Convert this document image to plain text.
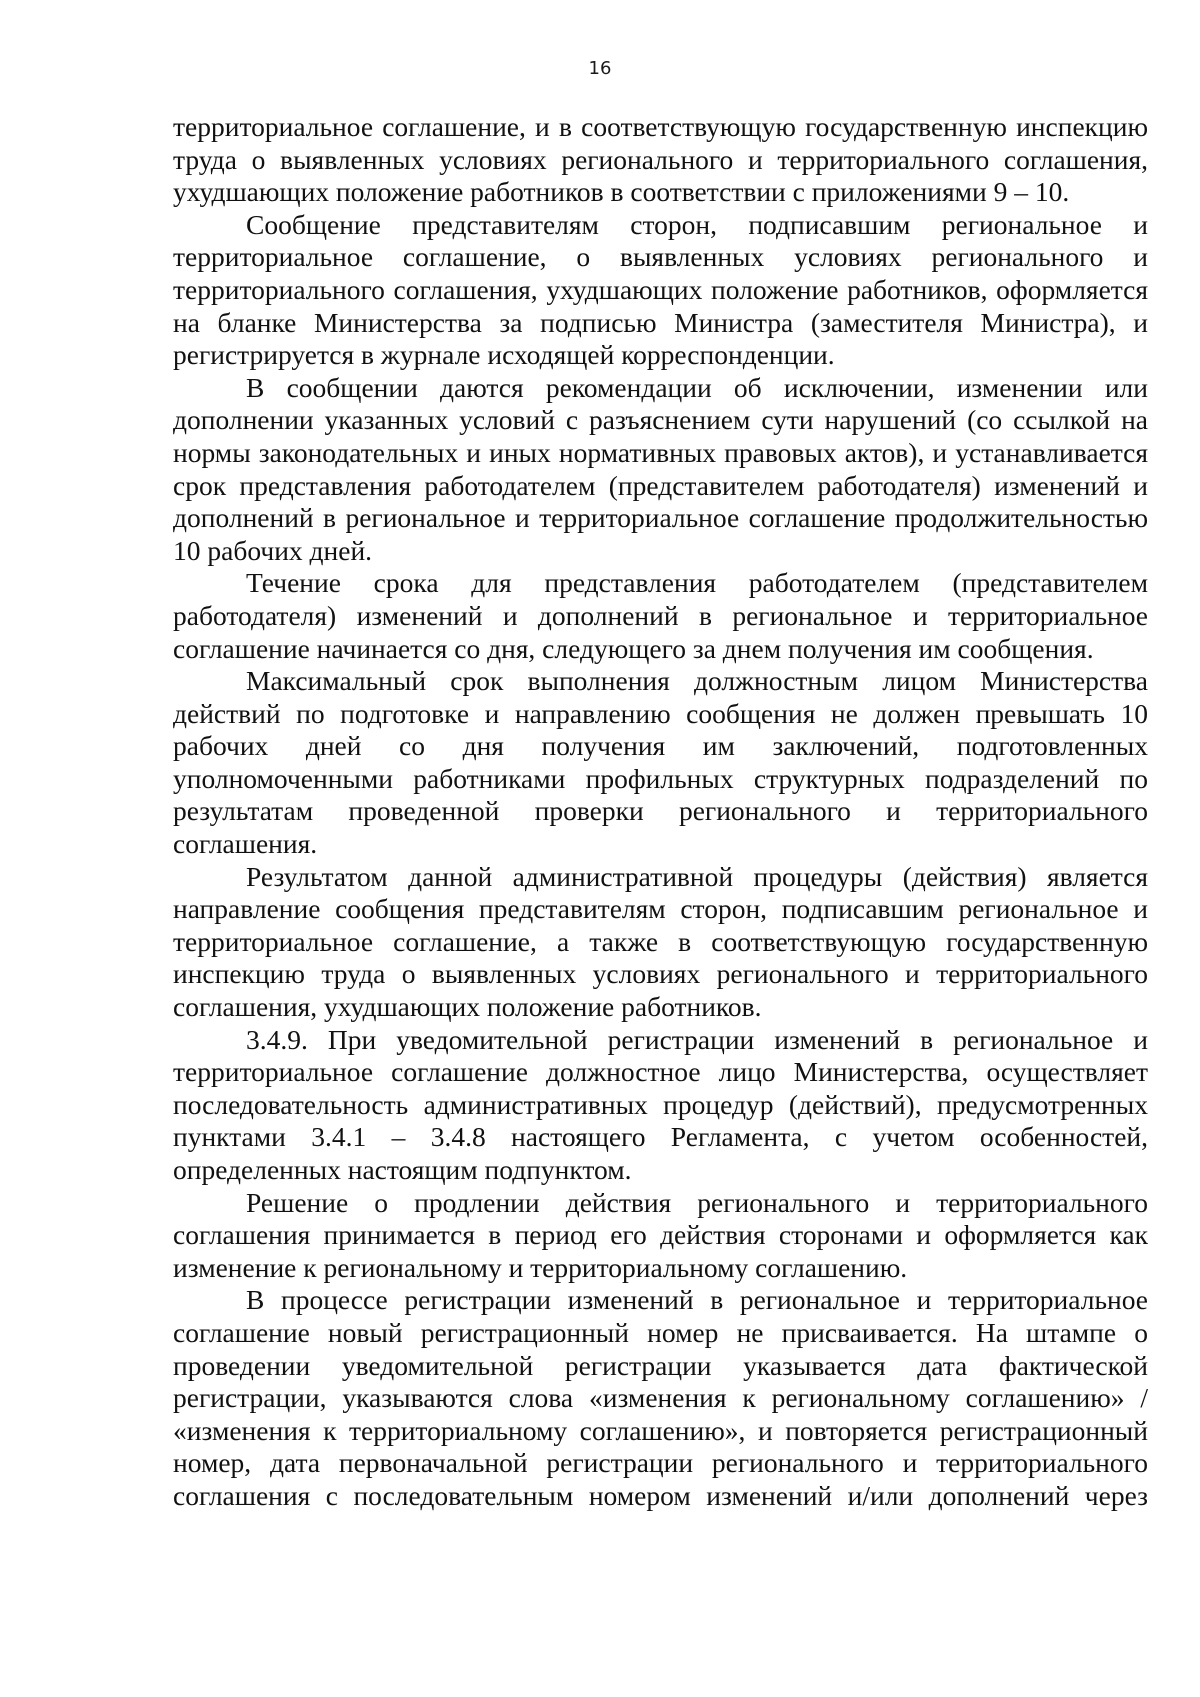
16

территориальное соглашение, и в соответствующую государственную инспекцию труда о выявленных условиях регионального и территориального соглашения, ухудшающих положение работников в соответствии с приложениями 9 – 10.

Сообщение представителям сторон, подписавшим региональное и территориальное соглашение, о выявленных условиях регионального и территориального соглашения, ухудшающих положение работников, оформляется на бланке Министерства за подписью Министра (заместителя Министра), и регистрируется в журнале исходящей корреспонденции.

В сообщении даются рекомендации об исключении, изменении или дополнении указанных условий с разъяснением сути нарушений (со ссылкой на нормы законодательных и иных нормативных правовых актов), и устанавливается срок представления работодателем (представителем работодателя) изменений и дополнений в региональное и территориальное соглашение продолжительностью 10 рабочих дней.

Течение срока для представления работодателем (представителем работодателя) изменений и дополнений в региональное и территориальное соглашение начинается со дня, следующего за днем получения им сообщения.

Максимальный срок выполнения должностным лицом Министерства действий по подготовке и направлению сообщения не должен превышать 10 рабочих дней со дня получения им заключений, подготовленных уполномоченными работниками профильных структурных подразделений по результатам проведенной проверки регионального и территориального соглашения.

Результатом данной административной процедуры (действия) является направление сообщения представителям сторон, подписавшим региональное и территориальное соглашение, а также в соответствующую государственную инспекцию труда о выявленных условиях регионального и территориального соглашения, ухудшающих положение работников.

3.4.9. При уведомительной регистрации изменений в региональное и территориальное соглашение должностное лицо Министерства, осуществляет последовательность административных процедур (действий), предусмотренных пунктами 3.4.1 – 3.4.8 настоящего Регламента, с учетом особенностей, определенных настоящим подпунктом.

Решение о продлении действия регионального и территориального соглашения принимается в период его действия сторонами и оформляется как изменение к региональному и территориальному соглашению.

В процессе регистрации изменений в региональное и территориальное соглашение новый регистрационный номер не присваивается. На штампе о проведении уведомительной регистрации указывается дата фактической регистрации, указываются слова «изменения к региональному соглашению» / «изменения к территориальному соглашению», и повторяется регистрационный номер, дата первоначальной регистрации регионального и территориального соглашения с последовательным номером изменений и/или дополнений через
